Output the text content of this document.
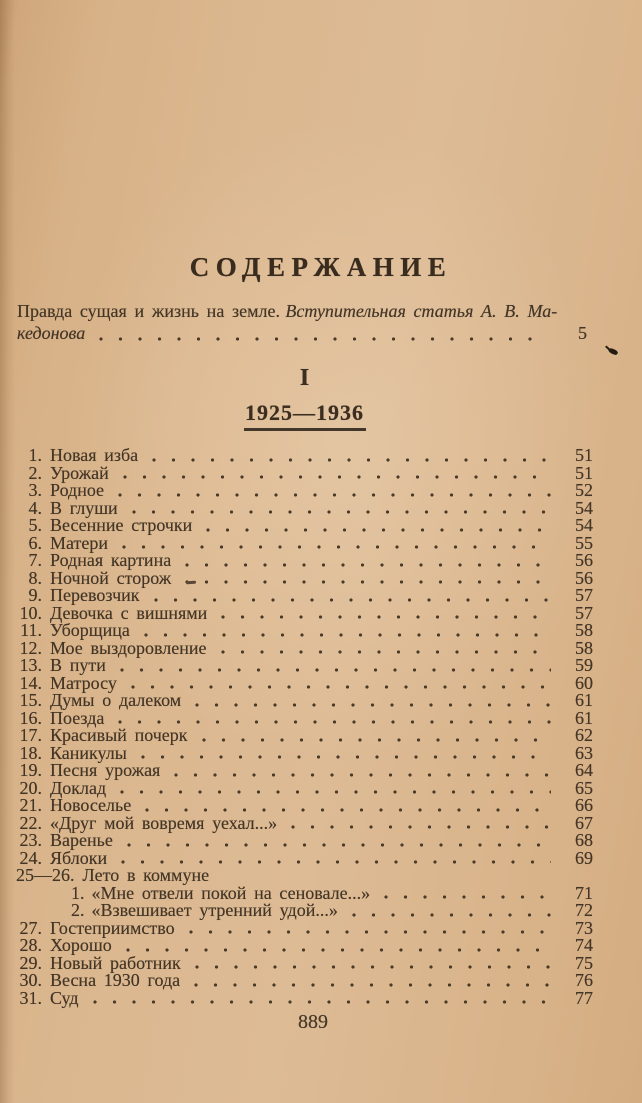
СОДЕРЖАНИЕ
Правда сущая и жизнь на земле. Вступительная статья А. В. Ма-
кедонова	5
I
1925—1936
1. Новая изба	51
2. Урожай	51
3. Родное	52
4. В глуши	54
5. Весенние строчки	54
6. Матери	55
7. Родная картина	56
8. Ночной сторож	56
9. Перевозчик	57
10. Девочка с вишнями	57
11. Уборщица	58
12. Мое выздоровление	58
13. В пути	59
14. Матросу	60
15. Думы о далеком	61
16. Поезда	61
17. Красивый почерк	62
18. Каникулы	63
19. Песня урожая	64
20. Доклад	65
21. Новоселье	66
22. «Друг мой вовремя уехал...»	67
23. Варенье	68
24. Яблоки	69
25—26. Лето в коммуне
1. «Мне отвели покой на сеновале...»	71
2. «Взвешивает утренний удой...»	72
27. Гостеприимство	73
28. Хорошо	74
29. Новый работник	75
30. Весна 1930 года	76
31. Суд	77
889
